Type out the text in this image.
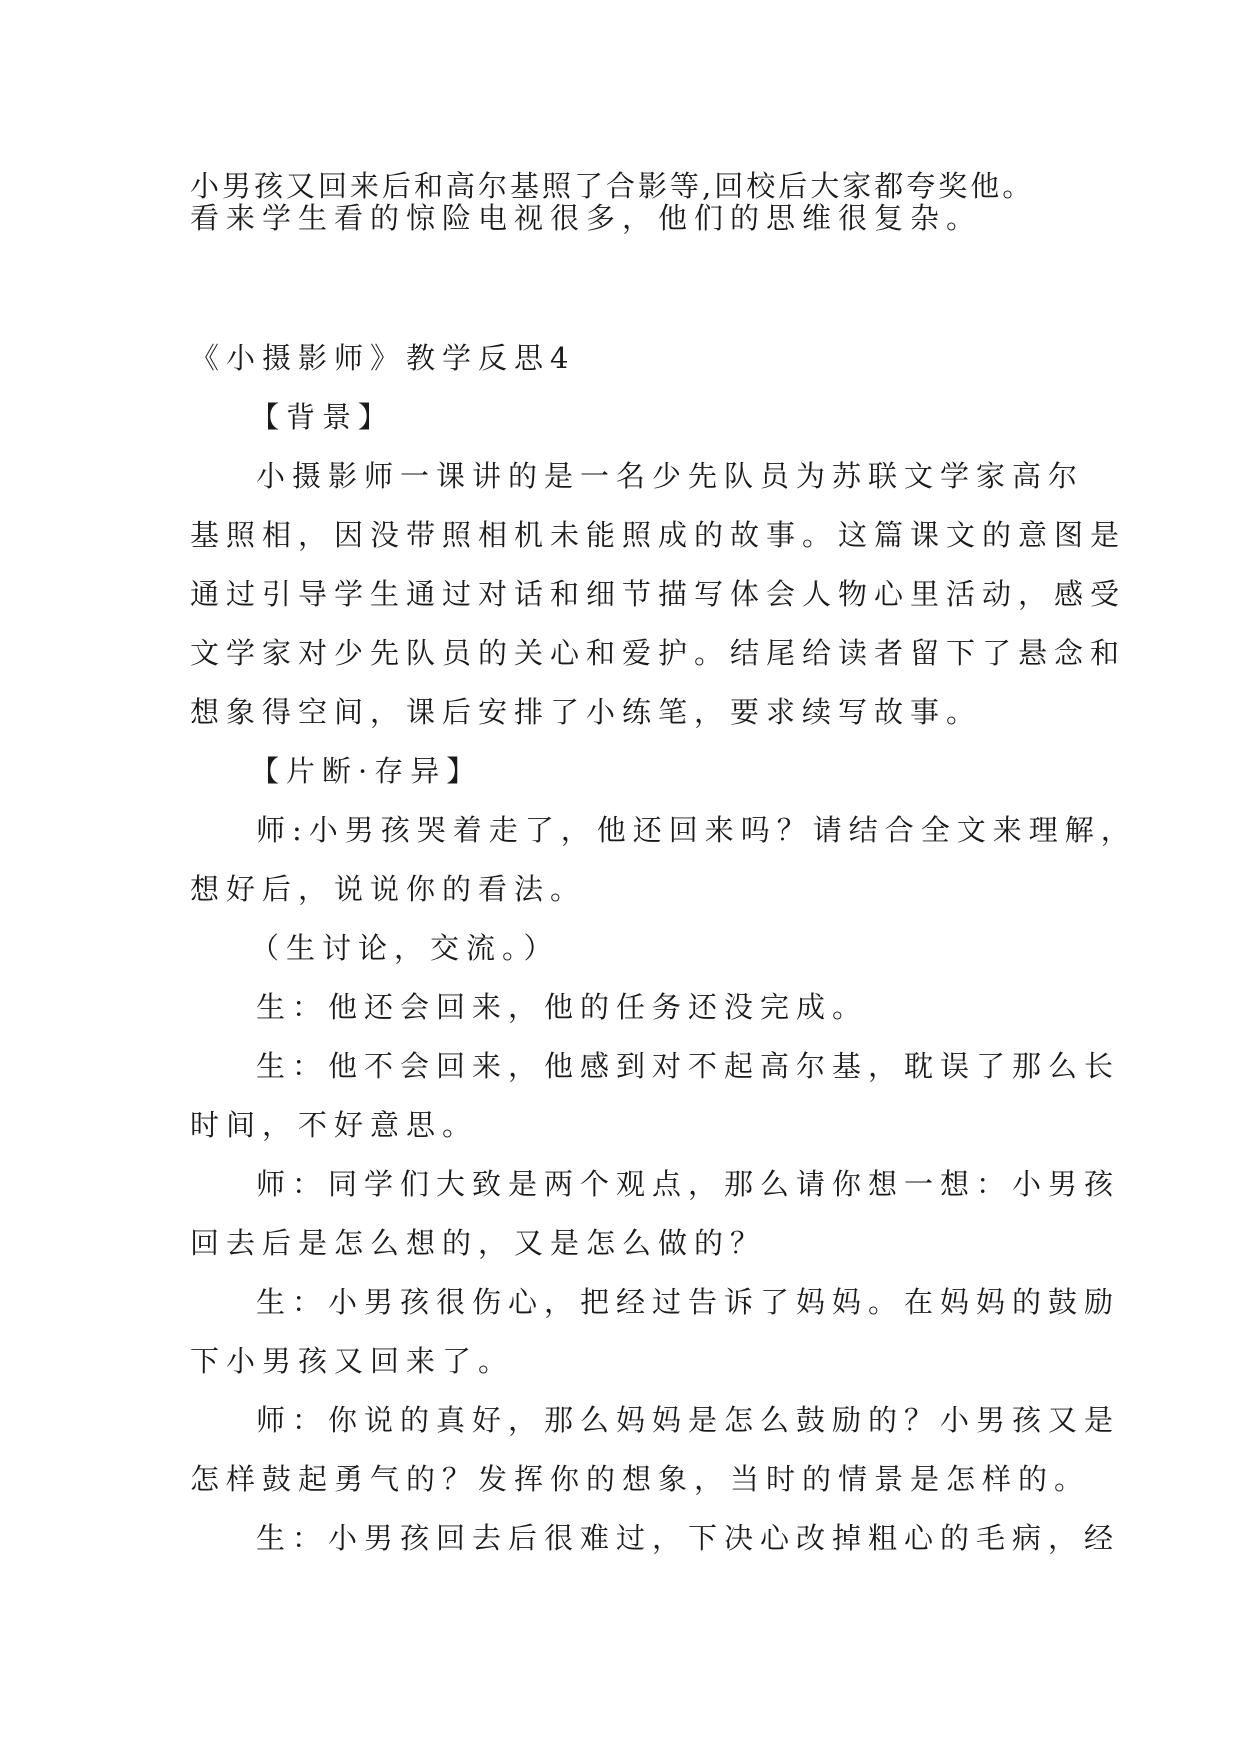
小男孩又回来后和高尔基照了合影等,回校后大家都夸奖他。
看来学生看的惊险电视很多，他们的思维很复杂。
《小摄影师》教学反思4
【背景】
小摄影师一课讲的是一名少先队员为苏联文学家高尔
基照相，因没带照相机未能照成的故事。这篇课文的意图是
通过引导学生通过对话和细节描写体会人物心里活动，感受
文学家对少先队员的关心和爱护。结尾给读者留下了悬念和
想象得空间，课后安排了小练笔，要求续写故事。
【片断·存异】
师:小男孩哭着走了，他还回来吗？请结合全文来理解，
想好后，说说你的看法。
（生讨论，交流。）
生：他还会回来，他的任务还没完成。
生：他不会回来，他感到对不起高尔基，耽误了那么长
时间，不好意思。
师：同学们大致是两个观点，那么请你想一想：小男孩
回去后是怎么想的，又是怎么做的？
生：小男孩很伤心，把经过告诉了妈妈。在妈妈的鼓励
下小男孩又回来了。
师：你说的真好，那么妈妈是怎么鼓励的？小男孩又是
怎样鼓起勇气的？发挥你的想象，当时的情景是怎样的。
生：小男孩回去后很难过，下决心改掉粗心的毛病，经
